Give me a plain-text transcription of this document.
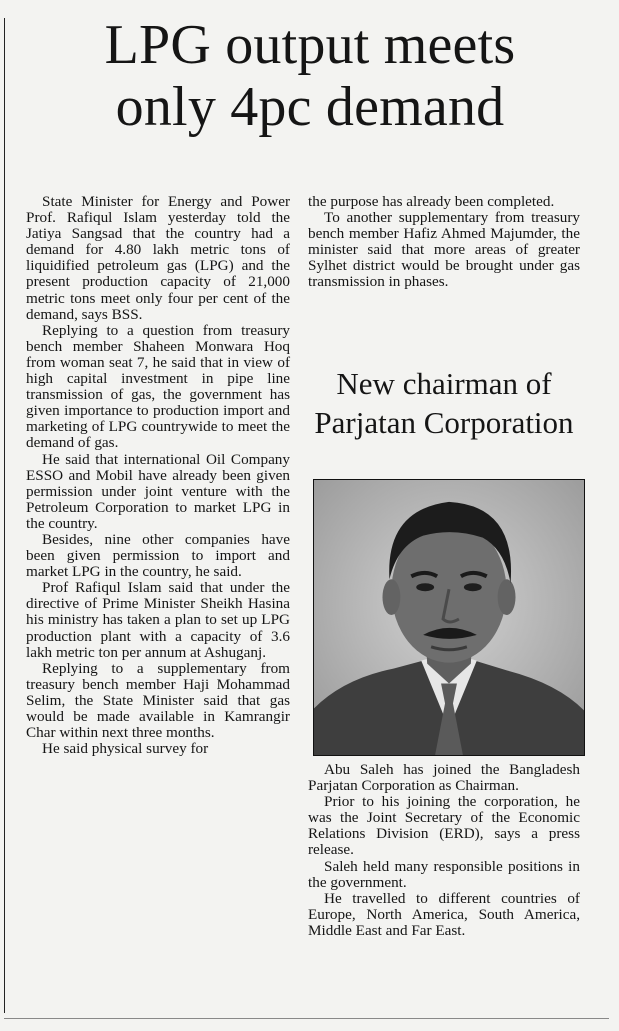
LPG output meets
only 4pc demand

State Minister for Energy and Power Prof. Rafiqul Islam yesterday told the Jatiya Sangsad that the country had a demand for 4.80 lakh metric tons of liquidified petroleum gas (LPG) and the present production capacity of 21,000 metric tons meet only four per cent of the demand, says BSS.

Replying to a question from treasury bench member Shaheen Monwara Hoq from woman seat 7, he said that in view of high capital investment in pipe line transmission of gas, the government has given importance to production import and marketing of LPG countrywide to meet the demand of gas.

He said that international Oil Company ESSO and Mobil have already been given permission under joint venture with the Petroleum Corporation to market LPG in the country.

Besides, nine other companies have been given permission to import and market LPG in the country, he said.

Prof Rafiqul Islam said that under the directive of Prime Minister Sheikh Hasina his ministry has taken a plan to set up LPG production plant with a capacity of 3.6 lakh metric ton per annum at Ashuganj.

Replying to a supplementary from treasury bench member Haji Mohammad Selim, the State Minister said that gas would be made available in Kamrangir Char within next three months.

He said physical survey for

the purpose has already been completed.

To another supplementary from treasury bench member Hafiz Ahmed Majumder, the minister said that more areas of greater Sylhet district would be brought under gas transmission in phases.

New chairman of Parjatan Corporation

Abu Saleh has joined the Bangladesh Parjatan Corporation as Chairman.

Prior to his joining the corporation, he was the Joint Secretary of the Economic Relations Division (ERD), says a press release.

Saleh held many responsible positions in the government.

He travelled to different countries of Europe, North America, South America, Middle East and Far East.
